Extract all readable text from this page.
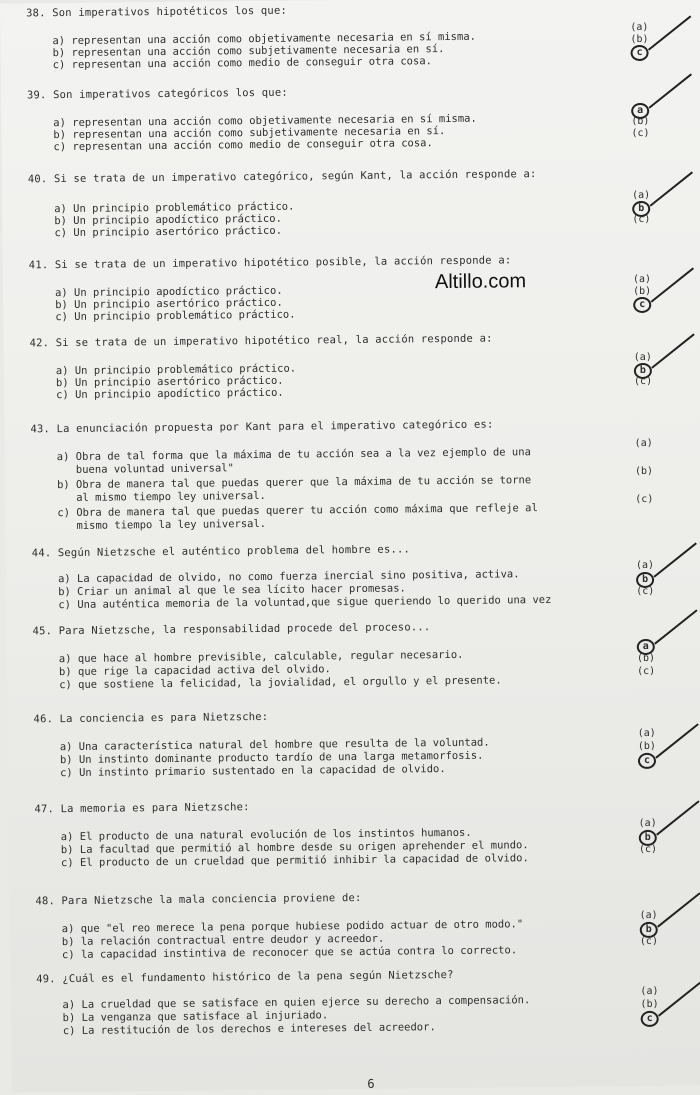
38. Son imperativos hipotéticos los que:
a) representan una acción como objetivamente necesaria en sí misma.
(a)
b) representan una acción como subjetivamente necesaria en sí.
(b)
c) representan una acción como medio de conseguir otra cosa.
c
39. Son imperativos categóricos los que:
a) representan una acción como objetivamente necesaria en sí misma.
a
b) representan una acción como subjetivamente necesaria en sí.
(b)
c) representan una acción como medio de conseguir otra cosa.
(c)
40. Si se trata de un imperativo categórico, según Kant, la acción responde a:
a) Un principio problemático práctico.
(a)
b) Un principio apodíctico práctico.
b
c) Un principio asertórico práctico.
(c)
41. Si se trata de un imperativo hipotético posible, la acción responde a:
a) Un principio apodíctico práctico.
(a)
b) Un principio asertórico práctico.
(b)
c) Un principio problemático práctico.
c
42. Si se trata de un imperativo hipotético real, la acción responde a:
a) Un principio problemático práctico.
(a)
b) Un principio asertórico práctico.
b
c) Un principio apodíctico práctico.
(c)
43. La enunciación propuesta por Kant para el imperativo categórico es:
a) Obra de tal forma que la máxima de tu acción sea a la vez ejemplo de una
buena voluntad universal"
(a)
b) Obra de manera tal que puedas querer que la máxima de tu acción se torne
al mismo tiempo ley universal.
(b)
c) Obra de manera tal que puedas querer tu acción como máxima que refleje al
mismo tiempo la ley universal.
(c)
44. Según Nietzsche el auténtico problema del hombre es...
a) La capacidad de olvido, no como fuerza inercial sino positiva, activa.
(a)
b) Criar un animal al que le sea lícito hacer promesas.
b
c) Una auténtica memoria de la voluntad,que sigue queriendo lo querido una vez
(c)
45. Para Nietzsche, la responsabilidad procede del proceso...
a) que hace al hombre previsible, calculable, regular necesario.
a
b) que rige la capacidad activa del olvido.
(b)
c) que sostiene la felicidad, la jovialidad, el orgullo y el presente.
(c)
46. La conciencia es para Nietzsche:
a) Una característica natural del hombre que resulta de la voluntad.
(a)
b) Un instinto dominante producto tardío de una larga metamorfosis.
(b)
c) Un instinto primario sustentado en la capacidad de olvido.
c
47. La memoria es para Nietzsche:
a) El producto de una natural evolución de los instintos humanos.
(a)
b) La facultad que permitió al hombre desde su origen aprehender el mundo.
b
c) El producto de un crueldad que permitió inhibir la capacidad de olvido.
(c)
48. Para Nietzsche la mala conciencia proviene de:
a) que "el reo merece la pena porque hubiese podido actuar de otro modo."
(a)
b) la relación contractual entre deudor y acreedor.
b
c) la capacidad instintiva de reconocer que se actúa contra lo correcto.
(c)
49. ¿Cuál es el fundamento histórico de la pena según Nietzsche?
a) La crueldad que se satisface en quien ejerce su derecho a compensación.
(a)
b) La venganza que satisface al injuriado.
(b)
c) La restitución de los derechos e intereses del acreedor.
c
Altillo.com
6
